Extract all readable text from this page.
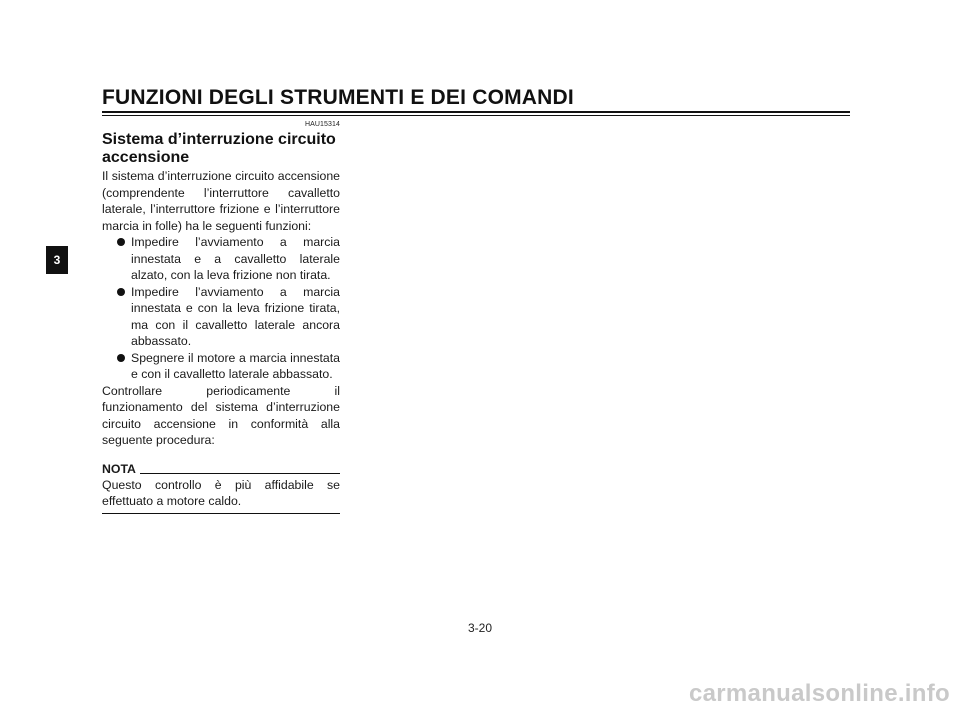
FUNZIONI DEGLI STRUMENTI E DEI COMANDI
3
HAU15314
Sistema d’interruzione circuito
accensione

Il sistema d’interruzione circuito accensione (comprendente l’interruttore cavalletto laterale, l’interruttore frizione e l’interruttore marcia in folle) ha le seguenti funzioni:

Impedire l’avviamento a marcia innestata e a cavalletto laterale alzato, con la leva frizione non tirata.
Impedire l’avviamento a marcia innestata e con la leva frizione tirata, ma con il cavalletto laterale ancora abbassato.
Spegnere il motore a marcia innestata e con il cavalletto laterale abbassato.

Controllare periodicamente il funzionamento del sistema d’interruzione circuito accensione in conformità alla seguente procedura:

NOTA

Questo controllo è più affidabile se effettuato a motore caldo.

3-20
carmanualsonline.info
